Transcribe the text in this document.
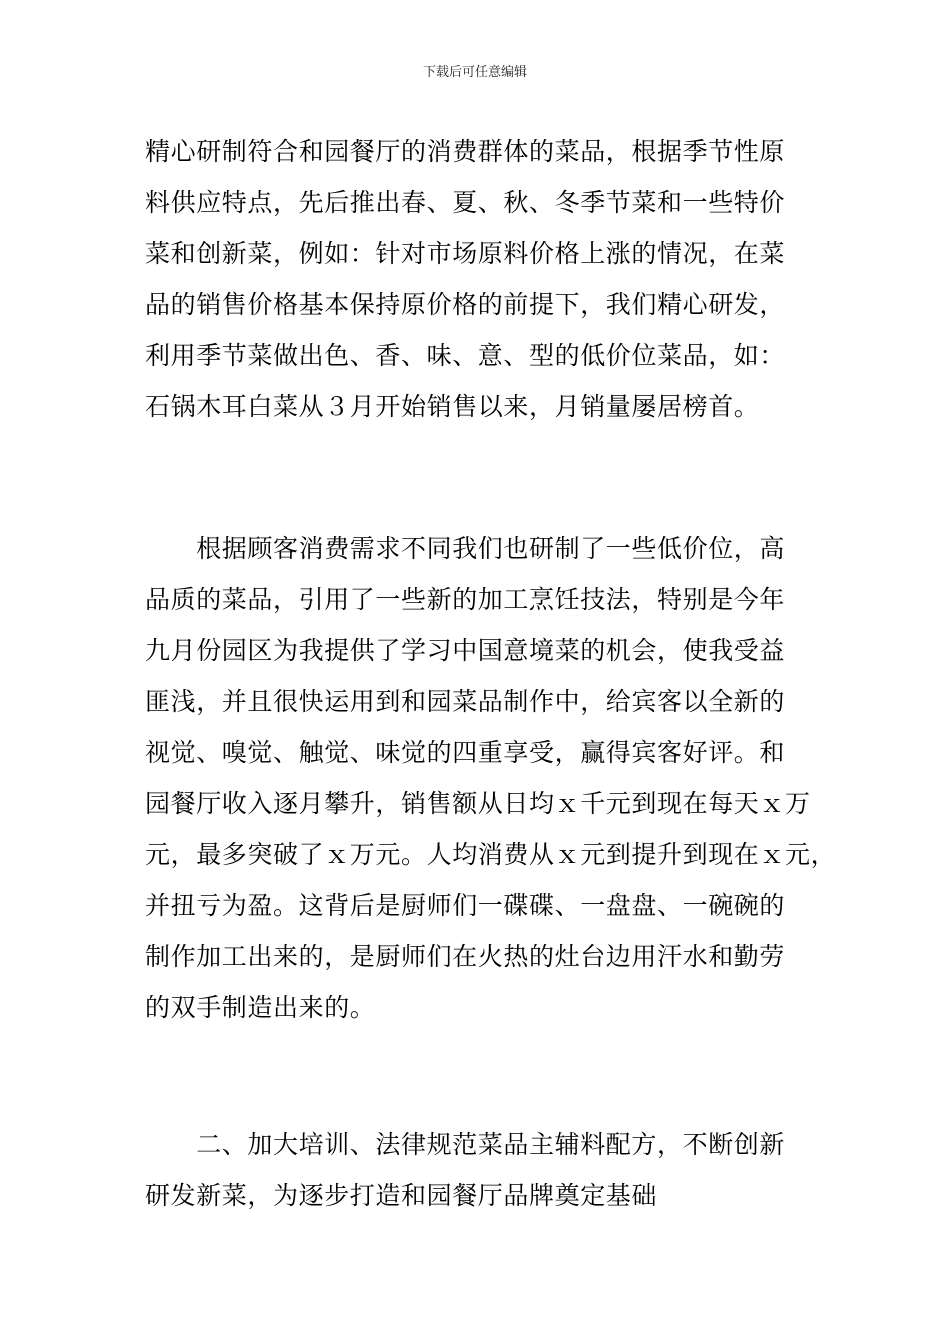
下载后可任意编辑
精心研制符合和园餐厅的消费群体的菜品，根据季节性原
料供应特点，先后推出春、夏、秋、冬季节菜和一些特价
菜和创新菜，例如：针对市场原料价格上涨的情况，在菜
品的销售价格基本保持原价格的前提下，我们精心研发，
利用季节菜做出色、香、味、意、型的低价位菜品，如：
石锅木耳白菜从３月开始销售以来，月销量屡居榜首。
　　根据顾客消费需求不同我们也研制了一些低价位，高
品质的菜品，引用了一些新的加工烹饪技法，特别是今年
九月份园区为我提供了学习中国意境菜的机会，使我受益
匪浅，并且很快运用到和园菜品制作中，给宾客以全新的
视觉、嗅觉、触觉、味觉的四重享受，赢得宾客好评。和
园餐厅收入逐月攀升，销售额从日均ｘ千元到现在每天ｘ万
元，最多突破了ｘ万元。人均消费从ｘ元到提升到现在ｘ元，
并扭亏为盈。这背后是厨师们一碟碟、一盘盘、一碗碗的
制作加工出来的，是厨师们在火热的灶台边用汗水和勤劳
的双手制造出来的。
　　二、加大培训、法律规范菜品主辅料配方，不断创新
研发新菜，为逐步打造和园餐厅品牌奠定基础
